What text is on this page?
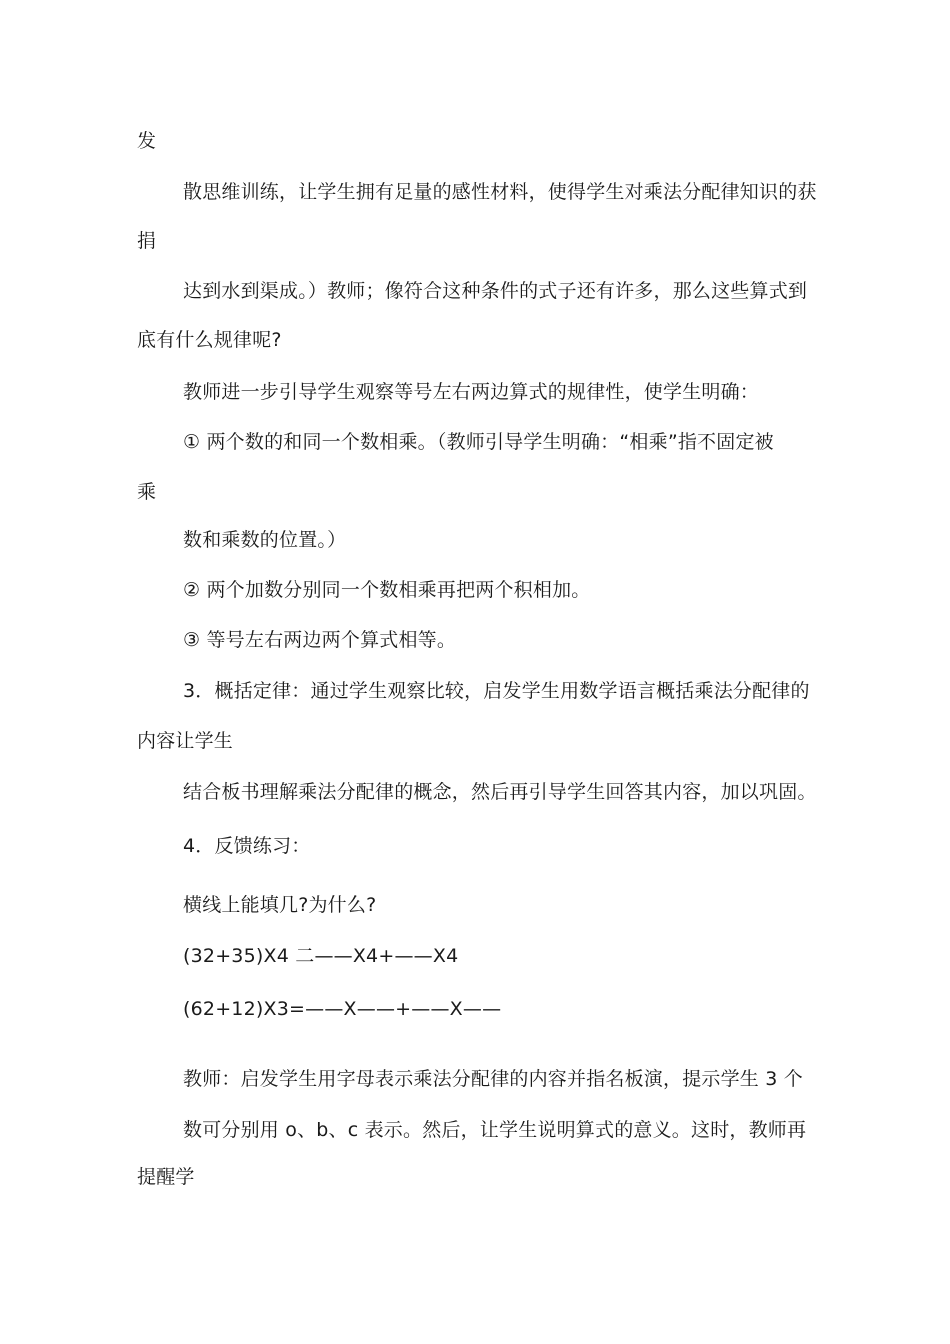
发
散思维训练，让学生拥有足量的感性材料，使得学生对乘法分配律知识的获
捐
达到水到渠成。）教师；像符合这种条件的式子还有许多，那么这些算式到
底有什么规律呢?
教师进一步引导学生观察等号左右两边算式的规律性，使学生明确：
① 两个数的和同一个数相乘。（教师引导学生明确：“相乘”指不固定被
乘
数和乘数的位置。）
② 两个加数分别同一个数相乘再把两个积相加。
③ 等号左右两边两个算式相等。
3．概括定律：通过学生观察比较，启发学生用数学语言概括乘法分配律的
内容让学生
结合板书理解乘法分配律的概念，然后再引导学生回答其内容，加以巩固。
4．反馈练习：
横线上能填几?为什么?
(32+35)X4 二——X4+——X4
(62+12)X3=——X——+——X——
教师：启发学生用字母表示乘法分配律的内容并指名板演，提示学生 3 个
数可分别用 o、b、c 表示。然后，让学生说明算式的意义。这时，教师再
提醒学
